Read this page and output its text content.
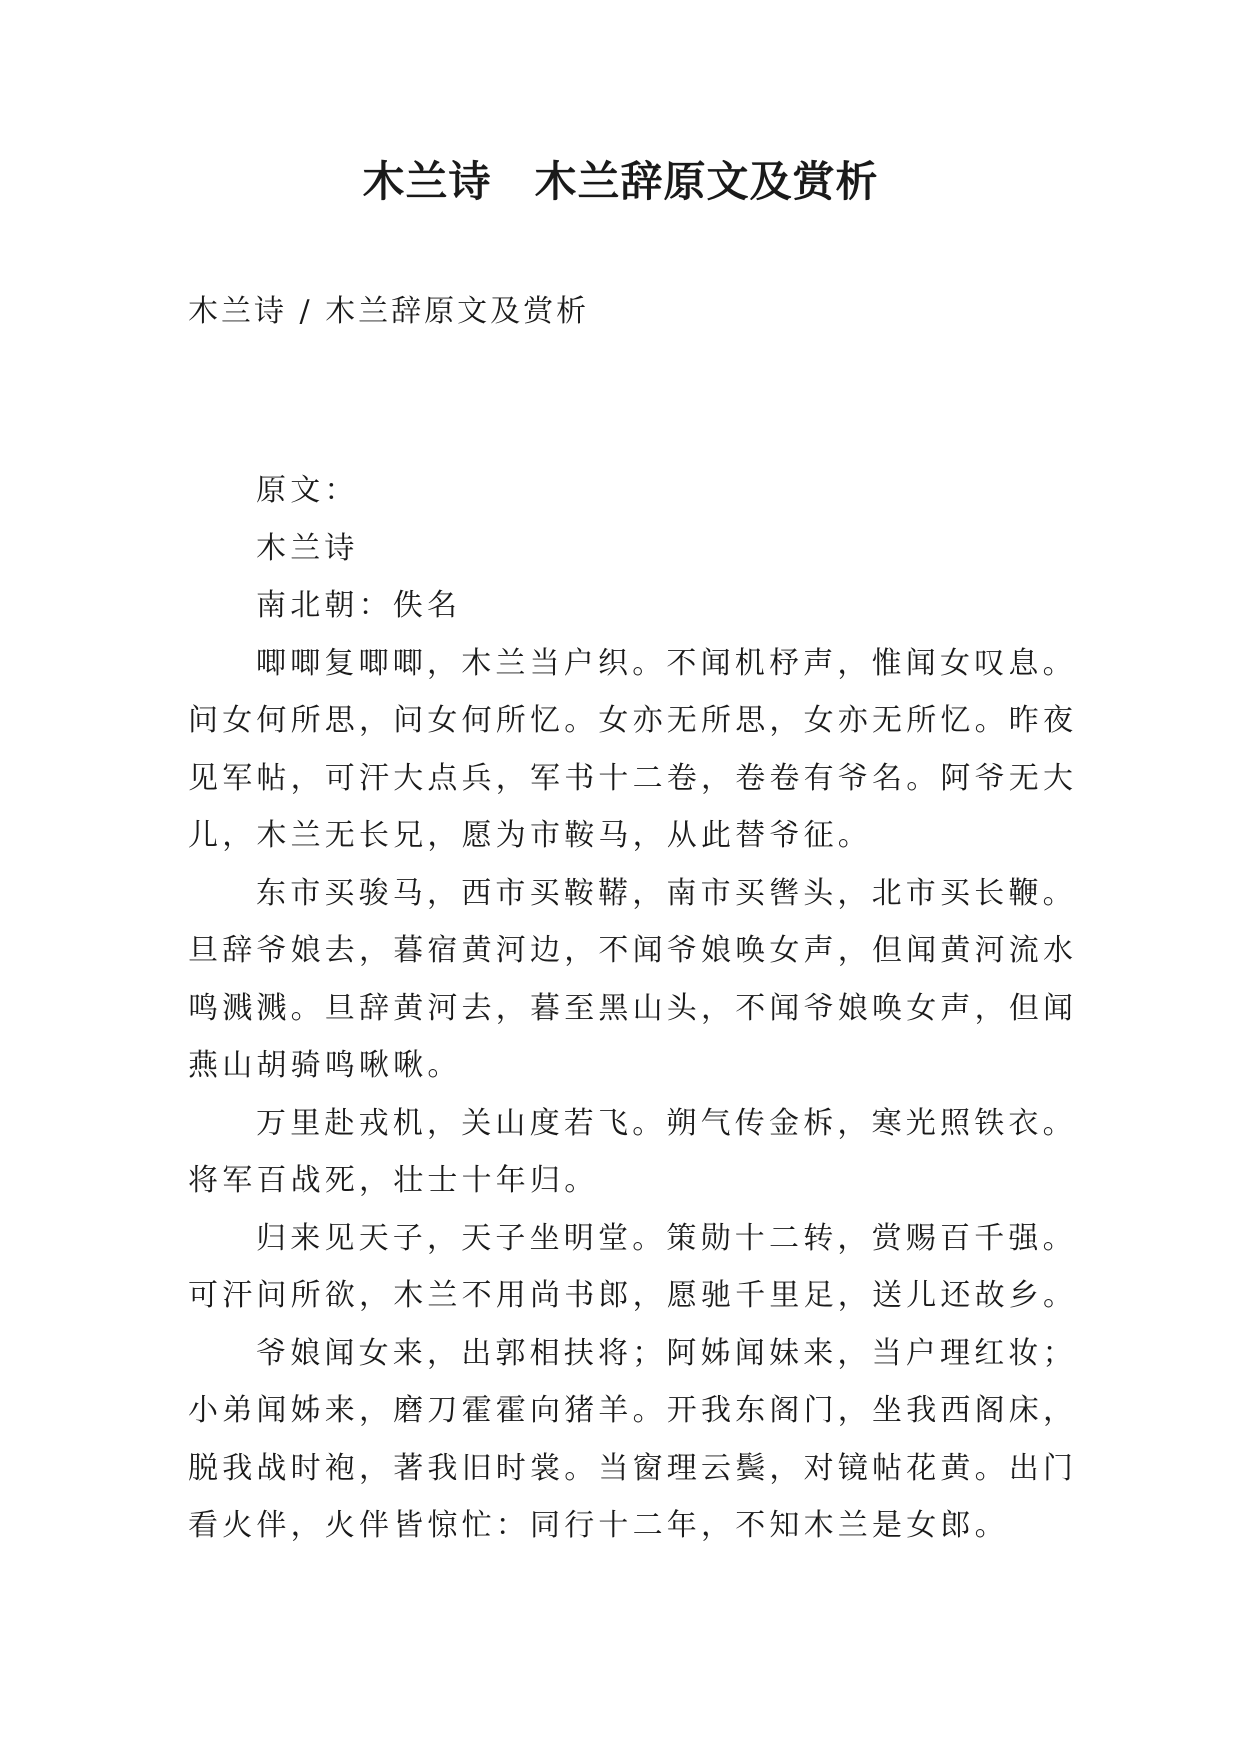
木兰诗　木兰辞原文及赏析
木兰诗 / 木兰辞原文及赏析
原文：
木兰诗
南北朝：佚名
唧唧复唧唧，木兰当户织。不闻机杼声，惟闻女叹息。
问女何所思，问女何所忆。女亦无所思，女亦无所忆。昨夜
见军帖，可汗大点兵，军书十二卷，卷卷有爷名。阿爷无大
儿，木兰无长兄，愿为市鞍马，从此替爷征。
东市买骏马，西市买鞍鞯，南市买辔头，北市买长鞭。
旦辞爷娘去，暮宿黄河边，不闻爷娘唤女声，但闻黄河流水
鸣溅溅。旦辞黄河去，暮至黑山头，不闻爷娘唤女声，但闻
燕山胡骑鸣啾啾。
万里赴戎机，关山度若飞。朔气传金柝，寒光照铁衣。
将军百战死，壮士十年归。
归来见天子，天子坐明堂。策勋十二转，赏赐百千强。
可汗问所欲，木兰不用尚书郎，愿驰千里足，送儿还故乡。
爷娘闻女来，出郭相扶将；阿姊闻妹来，当户理红妆；
小弟闻姊来，磨刀霍霍向猪羊。开我东阁门，坐我西阁床，
脱我战时袍，著我旧时裳。当窗理云鬓，对镜帖花黄。出门
看火伴，火伴皆惊忙：同行十二年，不知木兰是女郎。
